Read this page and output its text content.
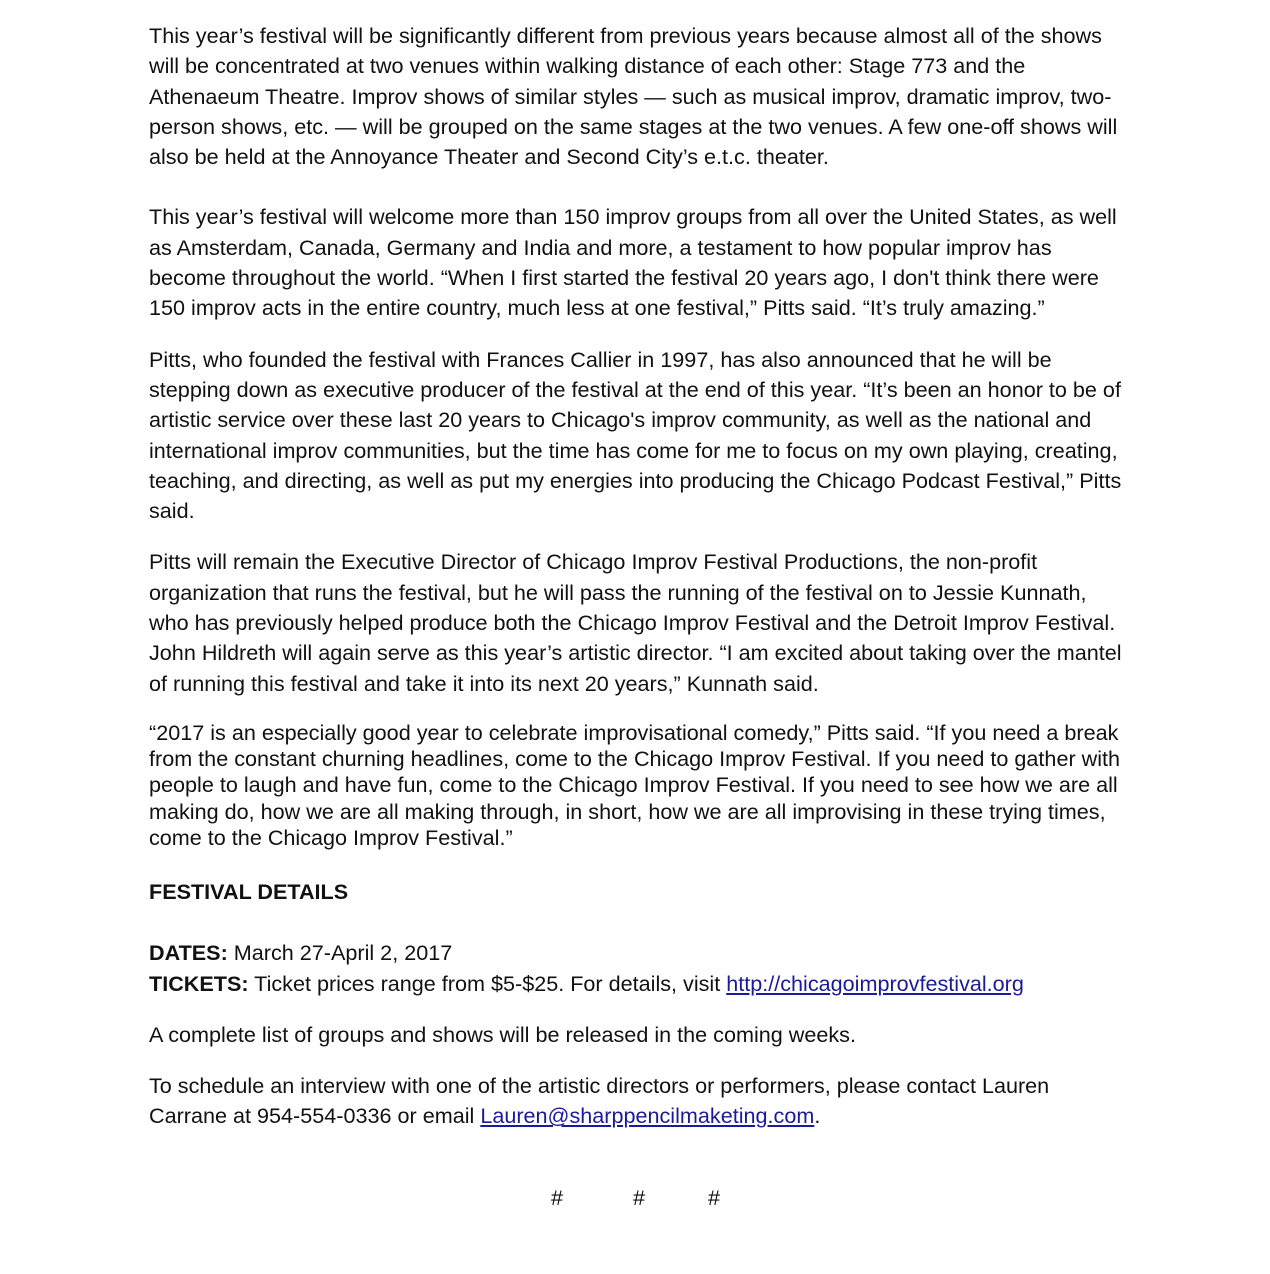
This year’s festival will be significantly different from previous years because almost all of the shows will be concentrated at two venues within walking distance of each other: Stage 773 and the Athenaeum Theatre. Improv shows of similar styles — such as musical improv, dramatic improv, two-person shows, etc. — will be grouped on the same stages at the two venues. A few one-off shows will also be held at the Annoyance Theater and Second City’s e.t.c. theater.

This year’s festival will welcome more than 150 improv groups from all over the United States, as well as Amsterdam, Canada, Germany and India and more, a testament to how popular improv has become throughout the world. “When I first started the festival 20 years ago, I don't think there were 150 improv acts in the entire country, much less at one festival,” Pitts said. “It’s truly amazing.”

Pitts, who founded the festival with Frances Callier in 1997, has also announced that he will be stepping down as executive producer of the festival at the end of this year. “It’s been an honor to be of artistic service over these last 20 years to Chicago's improv community, as well as the national and international improv communities, but the time has come for me to focus on my own playing, creating, teaching, and directing, as well as put my energies into producing the Chicago Podcast Festival,” Pitts said.

Pitts will remain the Executive Director of Chicago Improv Festival Productions, the non-profit organization that runs the festival, but he will pass the running of the festival on to Jessie Kunnath, who has previously helped produce both the Chicago Improv Festival and the Detroit Improv Festival. John Hildreth will again serve as this year’s artistic director. “I am excited about taking over the mantel of running this festival and take it into its next 20 years,” Kunnath said.

“2017 is an especially good year to celebrate improvisational comedy,” Pitts said. “If you need a break from the constant churning headlines, come to the Chicago Improv Festival. If you need to gather with people to laugh and have fun, come to the Chicago Improv Festival. If you need to see how we are all making do, how we are all making through, in short, how we are all improvising in these trying times, come to the Chicago Improv Festival.”

FESTIVAL DETAILS

DATES: March 27-April 2, 2017

TICKETS: Ticket prices range from $5-$25. For details, visit http://chicagoimprovfestival.org

A complete list of groups and shows will be released in the coming weeks.

To schedule an interview with one of the artistic directors or performers, please contact Lauren Carrane at 954-554-0336 or email Lauren@sharppencilmaketing.com.

#	#	#
